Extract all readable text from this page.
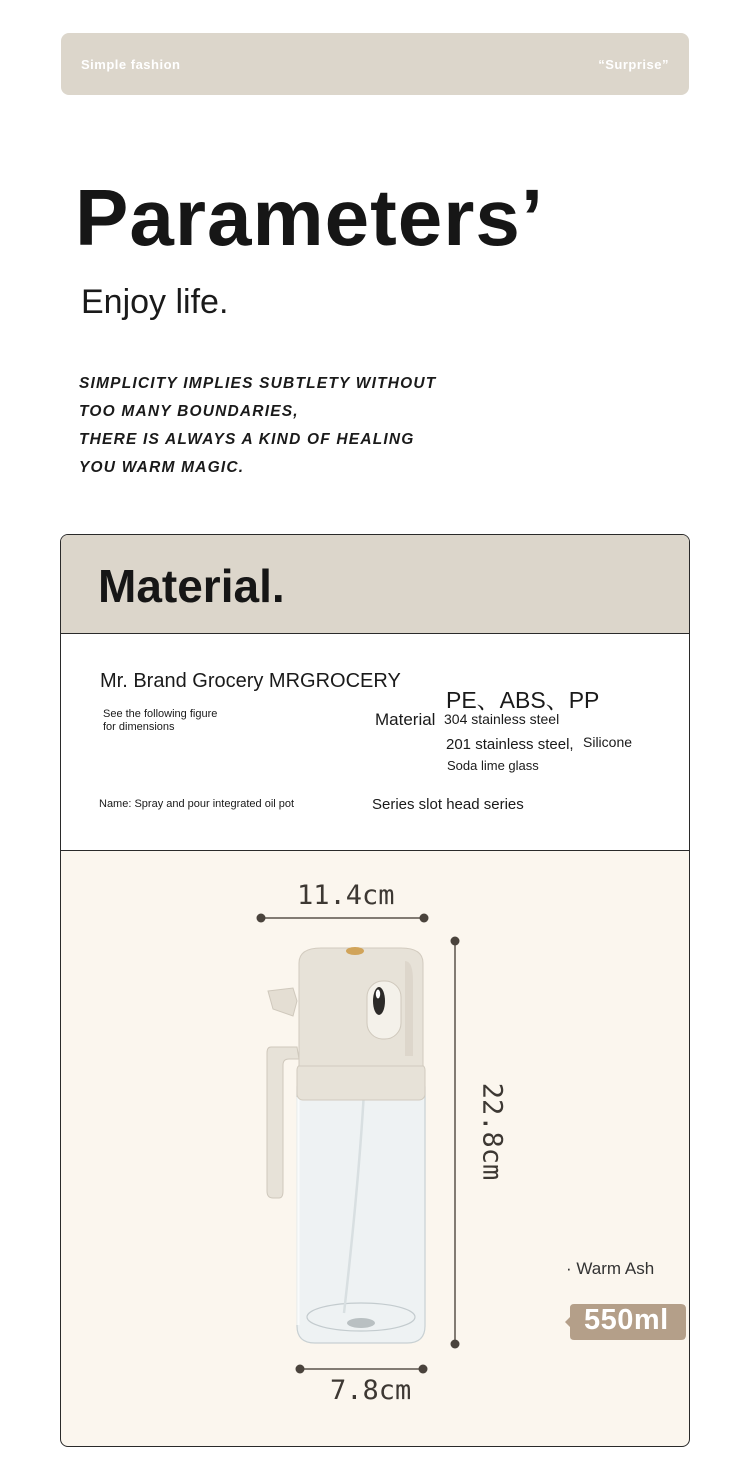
Simple fashion	“Surprise”
Parameters’
Enjoy life.
SIMPLICITY IMPLIES SUBTLETY WITHOUT
TOO MANY BOUNDARIES,
THERE IS ALWAYS A KIND OF HEALING
YOU WARM MAGIC.
Material.
Mr. Brand Grocery MRGROCERY
See the following figure
for dimensions	Material
PE、ABS、PP
304 stainless steel
201 stainless steel, Silicone
Soda lime glass
Name: Spray and pour integrated oil pot	Series slot head series
11.4cm
22.8cm
7.8cm
· Warm Ash
550ml
